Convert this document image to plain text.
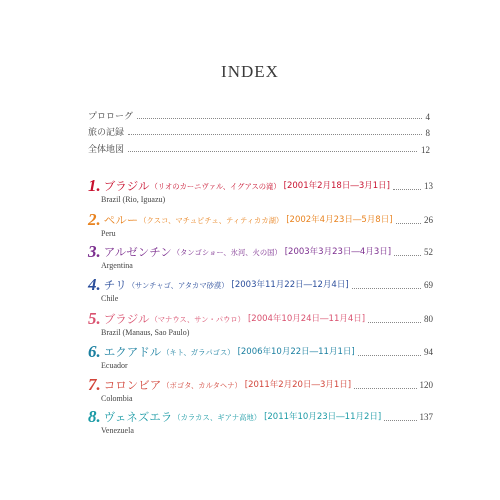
INDEX
プロローグ	4
旅の記録	8
全体地図	12
1. ブラジル （リオのカーニヴァル、イグアスの滝） [2001年2月18日―3月1日]	13
Brazil (Rio, Iguazu)
2. ペルー （クスコ、マチュピチュ、ティティカカ湖） [2002年4月23日―5月8日]	26
Peru
3. アルゼンチン （タンゴショー、氷河、火の国） [2003年3月23日―4月3日]	52
Argentina
4. チリ （サンチャゴ、アタカマ砂漠） [2003年11月22日―12月4日]	69
Chile
5. ブラジル （マナウス、サン・パウロ） [2004年10月24日―11月4日]	80
Brazil (Manaus, Sao Paulo)
6. エクアドル （キト、ガラパゴス） [2006年10月22日―11月1日]	94
Ecuador
7. コロンビア （ボゴタ、カルタヘナ） [2011年2月20日―3月1日]	120
Colombia
8. ヴェネズエラ （カラカス、ギアナ高地） [2011年10月23日―11月2日]	137
Venezuela
